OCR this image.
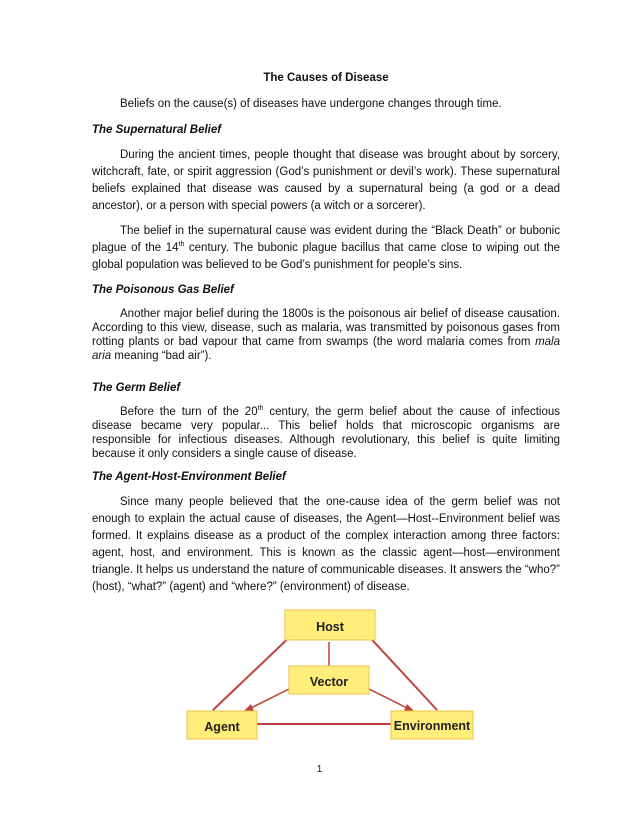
The Causes of Disease

Beliefs on the cause(s) of diseases have undergone changes through time.

The Supernatural Belief

During the ancient times, people thought that disease was brought about by sorcery, witchcraft, fate, or spirit aggression (God’s punishment or devil’s work). These supernatural beliefs explained that disease was caused by a supernatural being (a god or a dead ancestor), or a person with special powers (a witch or a sorcerer).

The belief in the supernatural cause was evident during the “Black Death” or bubonic plague of the 14th century. The bubonic plague bacillus that came close to wiping out the global population was believed to be God’s punishment for people’s sins.

The Poisonous Gas Belief

Another major belief during the 1800s is the poisonous air belief of disease causation. According to this view, disease, such as malaria, was transmitted by poisonous gases from rotting plants or bad vapour that came from swamps (the word malaria comes from mala aria meaning “bad air”).

The Germ Belief

Before the turn of the 20th century, the germ belief about the cause of infectious disease became very popular... This belief holds that microscopic organisms are responsible for infectious diseases. Although revolutionary, this belief is quite limiting because it only considers a single cause of disease.

The Agent-Host-Environment Belief

Since many people believed that the one-cause idea of the germ belief was not enough to explain the actual cause of diseases, the Agent—Host--Environment belief was formed. It explains disease as a product of the complex interaction among three factors: agent, host, and environment. This is known as the classic agent—host—environment triangle. It helps us understand the nature of communicable diseases. It answers the “who?” (host), “what?” (agent) and “where?” (environment) of disease.

Host
Vector
Agent	Environment
1
